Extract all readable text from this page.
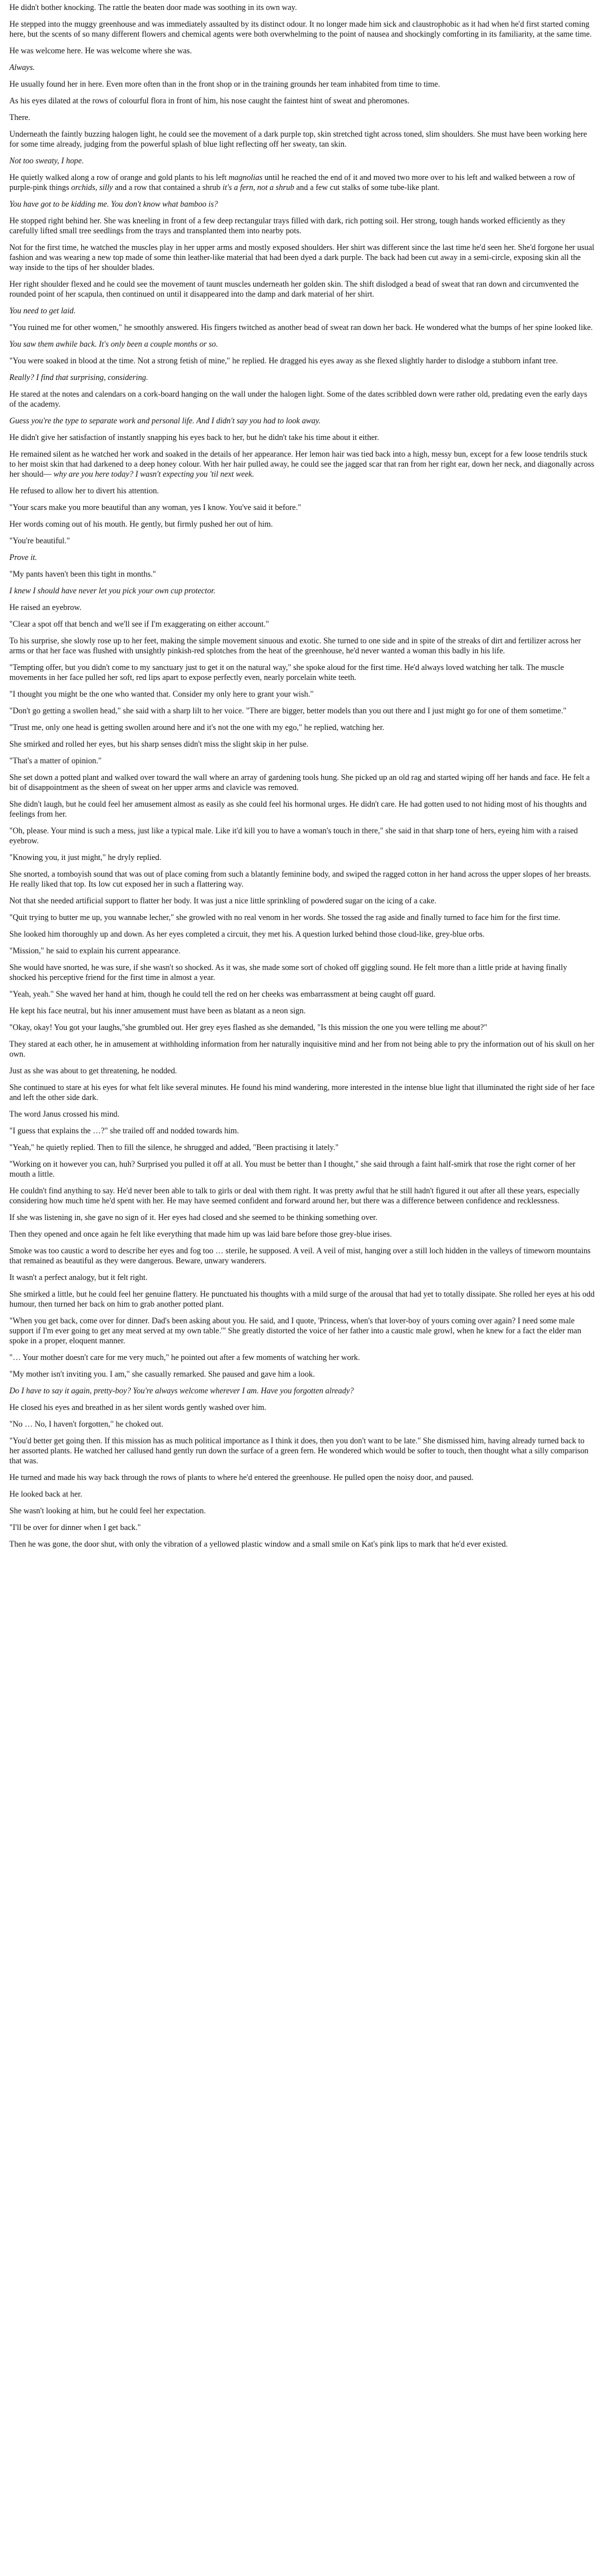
He didn't bother knocking. The rattle the beaten door made was soothing in its own way.

He stepped into the muggy greenhouse and was immediately assaulted by its distinct odour. It no longer made him sick and claustrophobic as it had when he'd first started coming here, but the scents of so many different flowers and chemical agents were both overwhelming to the point of nausea and shockingly comforting in its familiarity, at the same time.

He was welcome here. He was welcome where she was.

Always.

He usually found her in here. Even more often than in the front shop or in the training grounds her team inhabited from time to time.

As his eyes dilated at the rows of colourful flora in front of him, his nose caught the faintest hint of sweat and pheromones.

There.

Underneath the faintly buzzing halogen light, he could see the movement of a dark purple top, skin stretched tight across toned, slim shoulders. She must have been working here for some time already, judging from the powerful splash of blue light reflecting off her sweaty, tan skin.

Not too sweaty, I hope.

He quietly walked along a row of orange and gold plants to his left magnolias until he reached the end of it and moved two more over to his left and walked between a row of purple-pink things orchids, silly and a row that contained a shrub it's a fern, not a shrub and a few cut stalks of some tube-like plant.

You have got to be kidding me. You don't know what bamboo is?

He stopped right behind her. She was kneeling in front of a few deep rectangular trays filled with dark, rich potting soil. Her strong, tough hands worked efficiently as they carefully lifted small tree seedlings from the trays and transplanted them into nearby pots.

Not for the first time, he watched the muscles play in her upper arms and mostly exposed shoulders. Her shirt was different since the last time he'd seen her. She'd forgone her usual fashion and was wearing a new top made of some thin leather-like material that had been dyed a dark purple. The back had been cut away in a semi-circle, exposing skin all the way inside to the tips of her shoulder blades.

Her right shoulder flexed and he could see the movement of taunt muscles underneath her golden skin. The shift dislodged a bead of sweat that ran down and circumvented the rounded point of her scapula, then continued on until it disappeared into the damp and dark material of her shirt.

You need to get laid.

"You ruined me for other women," he smoothly answered. His fingers twitched as another bead of sweat ran down her back. He wondered what the bumps of her spine looked like.

You saw them awhile back. It's only been a couple months or so.

"You were soaked in blood at the time. Not a strong fetish of mine," he replied. He dragged his eyes away as she flexed slightly harder to dislodge a stubborn infant tree.

Really? I find that surprising, considering.

He stared at the notes and calendars on a cork-board hanging on the wall under the halogen light. Some of the dates scribbled down were rather old, predating even the early days of the academy.

Guess you're the type to separate work and personal life. And I didn't say you had to look away.

He didn't give her satisfaction of instantly snapping his eyes back to her, but he didn't take his time about it either.

He remained silent as he watched her work and soaked in the details of her appearance. Her lemon hair was tied back into a high, messy bun, except for a few loose tendrils stuck to her moist skin that had darkened to a deep honey colour. With her hair pulled away, he could see the jagged scar that ran from her right ear, down her neck, and diagonally across her should— why are you here today? I wasn't expecting you 'til next week.

He refused to allow her to divert his attention.

"Your scars make you more beautiful than any woman, yes I know. You've said it before."

Her words coming out of his mouth. He gently, but firmly pushed her out of him.

"You're beautiful."

Prove it.

"My pants haven't been this tight in months."

I knew I should have never let you pick your own cup protector.

He raised an eyebrow.

"Clear a spot off that bench and we'll see if I'm exaggerating on either account."

To his surprise, she slowly rose up to her feet, making the simple movement sinuous and exotic. She turned to one side and in spite of the streaks of dirt and fertilizer across her arms or that her face was flushed with unsightly pinkish-red splotches from the heat of the greenhouse, he'd never wanted a woman this badly in his life.

"Tempting offer, but you didn't come to my sanctuary just to get it on the natural way," she spoke aloud for the first time. He'd always loved watching her talk. The muscle movements in her face pulled her soft, red lips apart to expose perfectly even, nearly porcelain white teeth.

"I thought you might be the one who wanted that. Consider my only here to grant your wish."

"Don't go getting a swollen head," she said with a sharp lilt to her voice. "There are bigger, better models than you out there and I just might go for one of them sometime."

"Trust me, only one head is getting swollen around here and it's not the one with my ego," he replied, watching her.

She smirked and rolled her eyes, but his sharp senses didn't miss the slight skip in her pulse.

"That's a matter of opinion."

She set down a potted plant and walked over toward the wall where an array of gardening tools hung. She picked up an old rag and started wiping off her hands and face. He felt a bit of disappointment as the sheen of sweat on her upper arms and clavicle was removed.

She didn't laugh, but he could feel her amusement almost as easily as she could feel his hormonal urges. He didn't care. He had gotten used to not hiding most of his thoughts and feelings from her.

"Oh, please. Your mind is such a mess, just like a typical male. Like it'd kill you to have a woman's touch in there," she said in that sharp tone of hers, eyeing him with a raised eyebrow.

"Knowing you, it just might," he dryly replied.

She snorted, a tomboyish sound that was out of place coming from such a blatantly feminine body, and swiped the ragged cotton in her hand across the upper slopes of her breasts. He really liked that top. Its low cut exposed her in such a flattering way.

Not that she needed artificial support to flatter her body. It was just a nice little sprinkling of powdered sugar on the icing of a cake.

"Quit trying to butter me up, you wannabe lecher," she growled with no real venom in her words. She tossed the rag aside and finally turned to face him for the first time.

She looked him thoroughly up and down. As her eyes completed a circuit, they met his. A question lurked behind those cloud-like, grey-blue orbs.

"Mission," he said to explain his current appearance.

She would have snorted, he was sure, if she wasn't so shocked. As it was, she made some sort of choked off giggling sound. He felt more than a little pride at having finally shocked his perceptive friend for the first time in almost a year.

"Yeah, yeah." She waved her hand at him, though he could tell the red on her cheeks was embarrassment at being caught off guard.

He kept his face neutral, but his inner amusement must have been as blatant as a neon sign.

"Okay, okay! You got your laughs,"she grumbled out. Her grey eyes flashed as she demanded, "Is this mission the one you were telling me about?"

They stared at each other, he in amusement at withholding information from her naturally inquisitive mind and her from not being able to pry the information out of his skull on her own.

Just as she was about to get threatening, he nodded.

She continued to stare at his eyes for what felt like several minutes. He found his mind wandering, more interested in the intense blue light that illuminated the right side of her face and left the other side dark.

The word Janus crossed his mind.

"I guess that explains the …?" she trailed off and nodded towards him.

"Yeah," he quietly replied. Then to fill the silence, he shrugged and added, "Been practising it lately."

"Working on it however you can, huh? Surprised you pulled it off at all. You must be better than I thought," she said through a faint half-smirk that rose the right corner of her mouth a little.

He couldn't find anything to say. He'd never been able to talk to girls or deal with them right. It was pretty awful that he still hadn't figured it out after all these years, especially considering how much time he'd spent with her. He may have seemed confident and forward around her, but there was a difference between confidence and recklessness.

If she was listening in, she gave no sign of it. Her eyes had closed and she seemed to be thinking something over.

Then they opened and once again he felt like everything that made him up was laid bare before those grey-blue irises.

Smoke was too caustic a word to describe her eyes and fog too … sterile, he supposed. A veil. A veil of mist, hanging over a still loch hidden in the valleys of timeworn mountains that remained as beautiful as they were dangerous. Beware, unwary wanderers.

It wasn't a perfect analogy, but it felt right.

She smirked a little, but he could feel her genuine flattery. He punctuated his thoughts with a mild surge of the arousal that had yet to totally dissipate. She rolled her eyes at his odd humour, then turned her back on him to grab another potted plant.

"When you get back, come over for dinner. Dad's been asking about you. He said, and I quote, 'Princess, when's that lover-boy of yours coming over again? I need some male support if I'm ever going to get any meat served at my own table.'" She greatly distorted the voice of her father into a caustic male growl, when he knew for a fact the elder man spoke in a proper, eloquent manner.

"… Your mother doesn't care for me very much," he pointed out after a few moments of watching her work.

"My mother isn't inviting you. I am," she casually remarked. She paused and gave him a look.

Do I have to say it again, pretty-boy? You're always welcome wherever I am. Have you forgotten already?

He closed his eyes and breathed in as her silent words gently washed over him.

"No … No, I haven't forgotten," he choked out.

"You'd better get going then. If this mission has as much political importance as I think it does, then you don't want to be late." She dismissed him, having already turned back to her assorted plants. He watched her callused hand gently run down the surface of a green fern. He wondered which would be softer to touch, then thought what a silly comparison that was.

He turned and made his way back through the rows of plants to where he'd entered the greenhouse. He pulled open the noisy door, and paused.

He looked back at her.

She wasn't looking at him, but he could feel her expectation.

"I'll be over for dinner when I get back."

Then he was gone, the door shut, with only the vibration of a yellowed plastic window and a small smile on Kat's pink lips to mark that he'd ever existed.
